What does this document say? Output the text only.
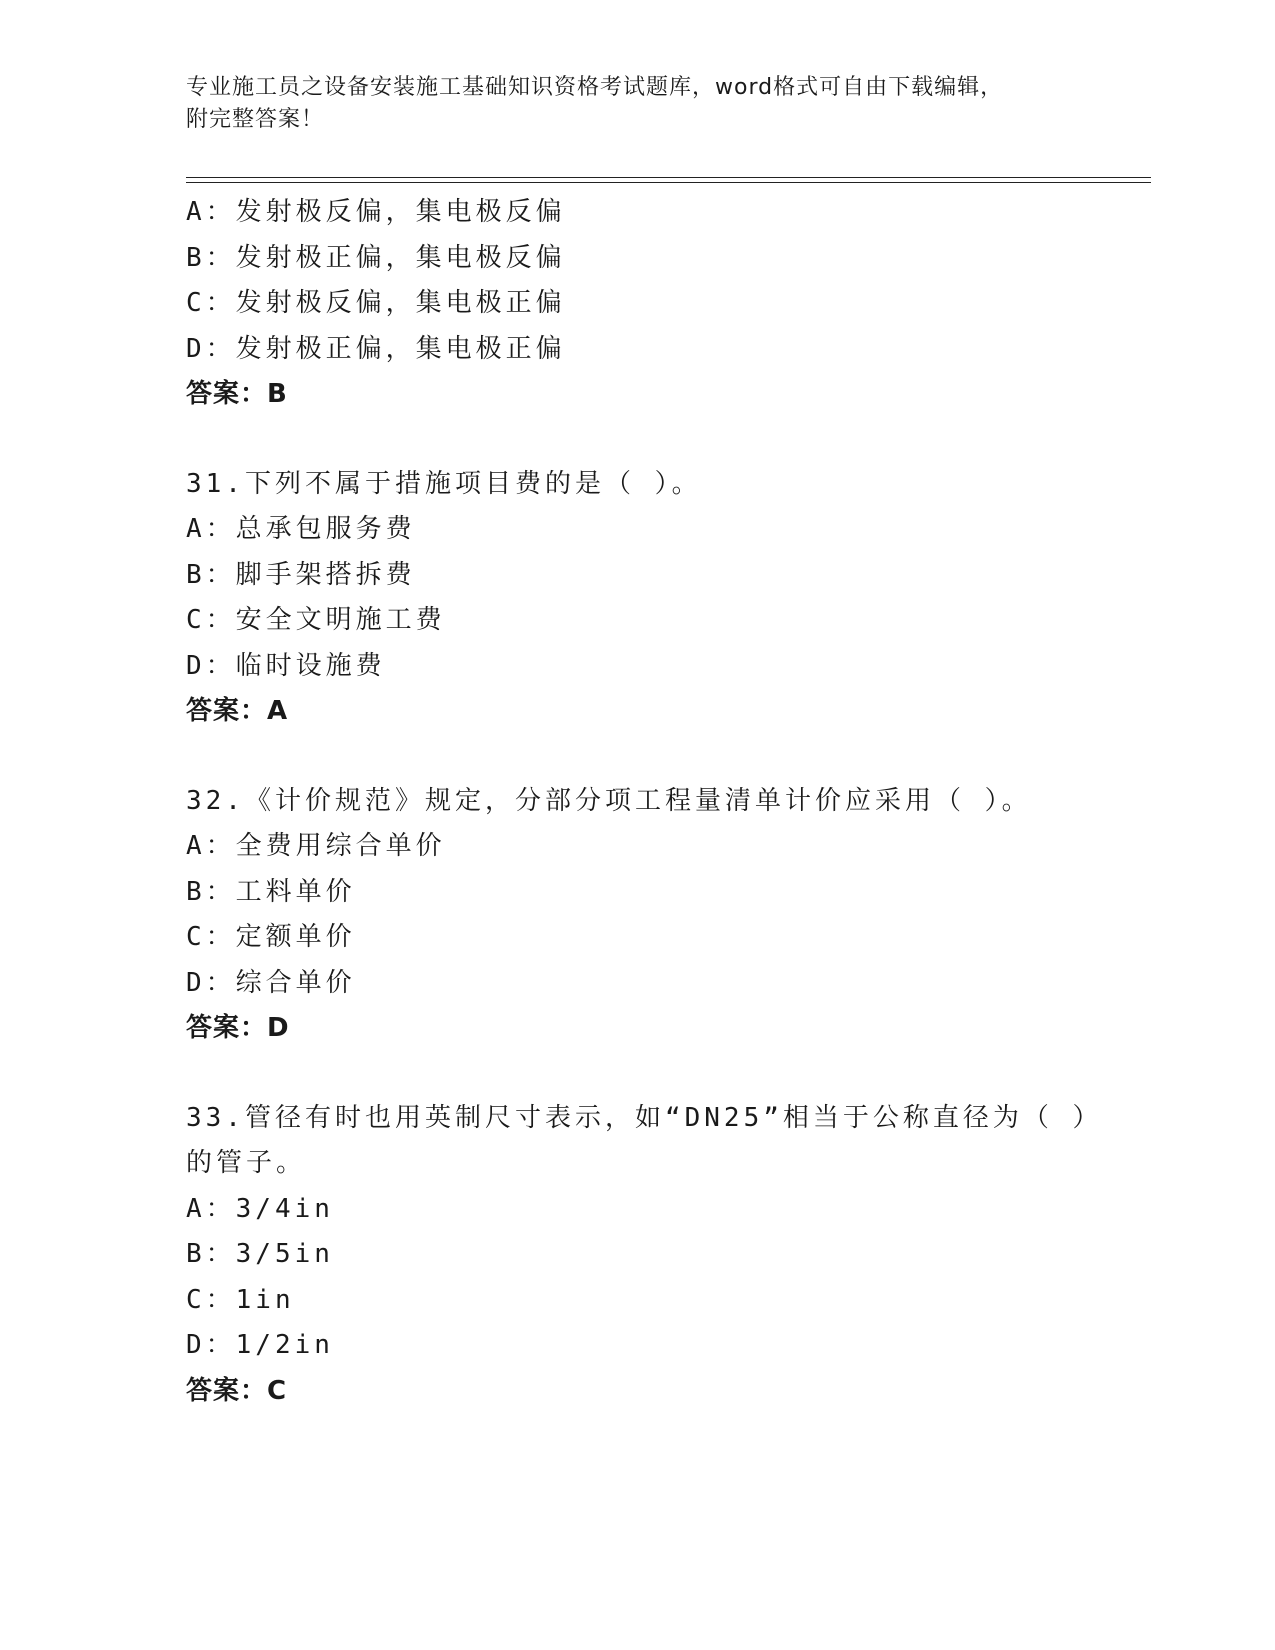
专业施工员之设备安装施工基础知识资格考试题库，word格式可自由下载编辑，
附完整答案！
A：发射极反偏，集电极反偏
B：发射极正偏，集电极反偏
C：发射极反偏，集电极正偏
D：发射极正偏，集电极正偏
答案：B
31.下列不属于措施项目费的是（ ）。
A：总承包服务费
B：脚手架搭拆费
C：安全文明施工费
D：临时设施费
答案：A
32.《计价规范》规定，分部分项工程量清单计价应采用（ ）。
A：全费用综合单价
B：工料单价
C：定额单价
D：综合单价
答案：D
33.管径有时也用英制尺寸表示，如“DN25”相当于公称直径为（ ）
的管子。
A：3/4in
B：3/5in
C：1in
D：1/2in
答案：C
